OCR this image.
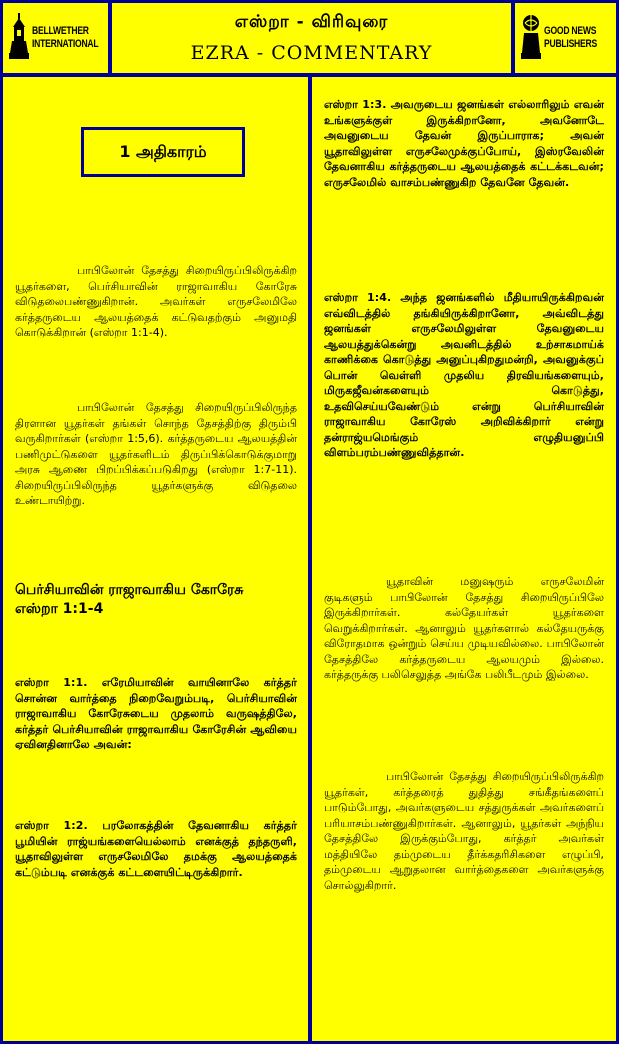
BELLWETHER
INTERNATIONAL
எஸ்றா - விரிவுரை
EZRA - COMMENTARY
GOOD NEWS
PUBLISHERS
1 அதிகாரம்
பாபிலோன் தேசத்து சிறையிருப்பிலிருக்கிற யூதர்களை, பெர்சியாவின் ராஜாவாகிய கோரேசு விடுதலைபண்ணுகிறான். அவர்கள் எருசலேமிலே கர்த்தருடைய ஆலயத்தைக் கட்டுவதற்கும் அனுமதி கொடுக்கிறான் (எஸ்றா 1:1-4).
பாபிலோன் தேசத்து சிறையிருப்பிலிருந்த திரளான யூதர்கள் தங்கள் சொந்த தேசத்திற்கு திரும்பி வருகிறார்கள் (எஸ்றா 1:5,6). கர்த்தருடைய ஆலயத்தின் பணிமுட்டுகளை யூதர்களிடம் திருப்பிக்கொடுக்குமாறு அரசு ஆணை பிறப்பிக்கப்படுகிறது (எஸ்றா 1:7-11). சிறையிருப்பிலிருந்த யூதர்களுக்கு விடுதலை உண்டாயிற்று.
பெர்சியாவின் ராஜாவாகிய கோரேசு
எஸ்றா 1:1-4
எஸ்றா 1:1. எரேமியாவின் வாயினாலே கர்த்தர் சொன்ன வார்த்தை நிறைவேறும்படி, பெர்சியாவின் ராஜாவாகிய கோரேசுடைய முதலாம் வருஷத்திலே, கர்த்தர் பெர்சியாவின் ராஜாவாகிய கோரேசின் ஆவியை ஏவினதினாலே அவன்:
எஸ்றா 1:2. பரலோகத்தின் தேவனாகிய கர்த்தர் பூமியின் ராஜ்யங்களையெல்லாம் எனக்குத் தந்தருளி, யூதாவிலுள்ள எருசலேமிலே தமக்கு ஆலயத்தைக் கட்டும்படி எனக்குக் கட்டளையிட்டிருக்கிறார்.
எஸ்றா 1:3. அவருடைய ஜனங்கள் எல்லாரிலும் எவன் உங்களுக்குள் இருக்கிறானோ, அவனோடே அவனுடைய தேவன் இருப்பாராக; அவன் யூதாவிலுள்ள எருசலேமுக்குப்போய், இஸ்ரவேலின் தேவனாகிய கர்த்தருடைய ஆலயத்தைக் கட்டக்கடவன்; எருசலேமில் வாசம்பண்ணுகிற தேவனே தேவன்.
எஸ்றா 1:4. அந்த ஜனங்களில் மீதியாயிருக்கிறவன் எவ்விடத்தில் தங்கியிருக்கிறானோ, அவ்விடத்து ஜனங்கள் எருசலேமிலுள்ள தேவனுடைய ஆலயத்துக்கென்று அவனிடத்தில் உற்சாகமாய்க் காணிக்கை கொடுத்து அனுப்புகிறதுமன்றி, அவனுக்குப் பொன் வெள்ளி முதலிய திரவியங்களையும், மிருகஜீவன்களையும் கொடுத்து, உதவிசெய்யவேண்டும் என்று பெர்சியாவின் ராஜாவாகிய கோரேஸ் அறிவிக்கிறார் என்று தன்ராஜ்யமெங்கும் எழுதியனுப்பி விளம்பரம்பண்ணுவித்தான்.
யூதாவின் மனுஷரும் எருசலேமின் குடிகளும் பாபிலோன் தேசத்து சிறையிருப்பிலே இருக்கிறார்கள். கல்தேயர்கள் யூதர்களை வெறுக்கிறார்கள். ஆனாலும் யூதர்களால் கல்தேயருக்கு விரோதமாக ஒன்றும் செய்ய முடியவில்லை. பாபிலோன் தேசத்திலே கர்த்தருடைய ஆலயமும் இல்லை. கர்த்தருக்கு பலிசெலுத்த அங்கே பலிபீடமும் இல்லை.
பாபிலோன் தேசத்து சிறையிருப்பிலிருக்கிற யூதர்கள், கர்த்தரைத் துதித்து சங்கீதங்களைப் பாடும்போது, அவர்களுடைய சத்துருக்கள் அவர்களைப் பரியாசம்பண்ணுகிறார்கள். ஆனாலும், யூதர்கள் அந்நிய தேசத்திலே இருக்கும்போது, கர்த்தர் அவர்கள் மத்தியிலே தம்முடைய தீர்க்கதரிசிகளை எழுப்பி, தம்முடைய ஆறுதலான வார்த்தைகளை அவர்களுக்கு சொல்லுகிறார்.
